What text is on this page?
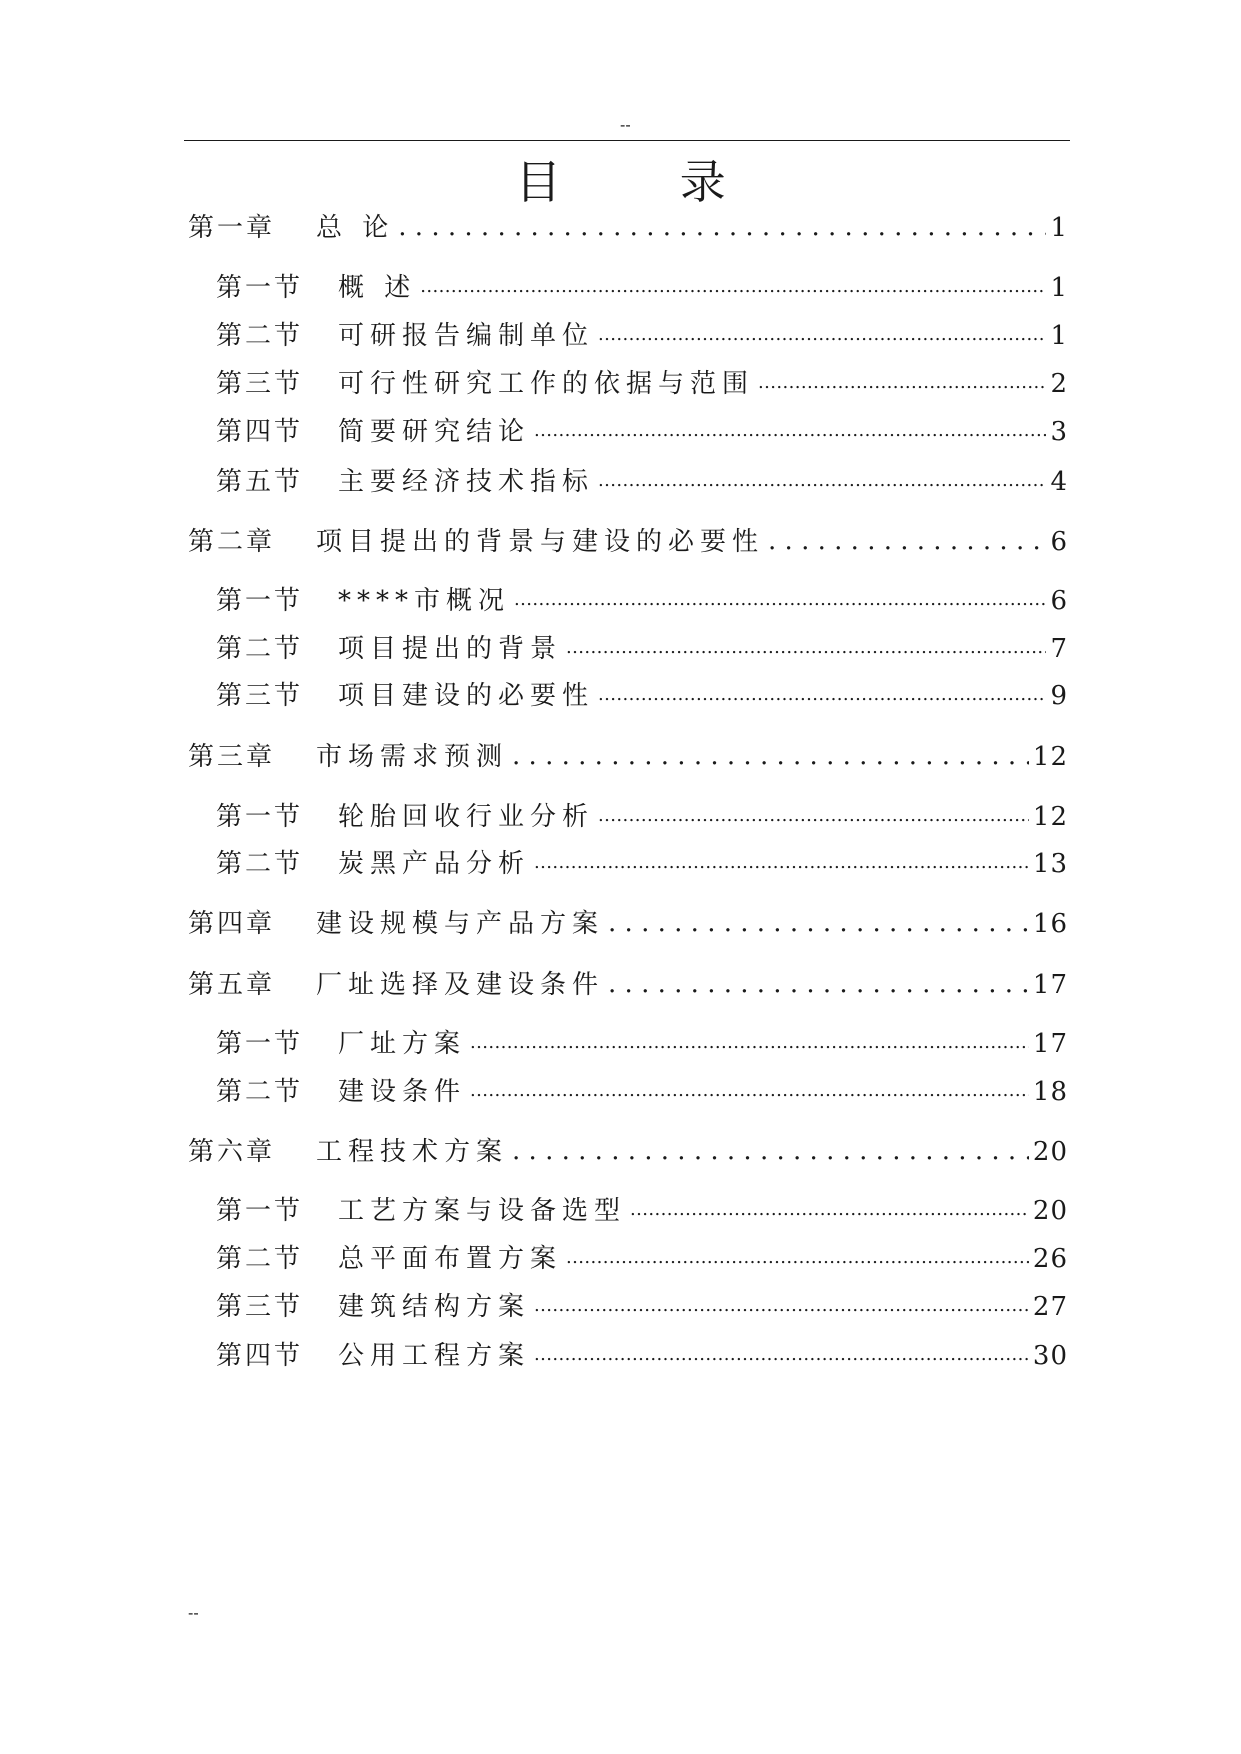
--
目 录
第一章	总 论 . . .	1
第一节	概 述 .....	1
第二节	可研报告编制单位 .....	1
第三节	可行性研究工作的依据与范围 .....	2
第四节	简要研究结论 .....	3
第五节	主要经济技术指标 .....	4
第二章	项目提出的背景与建设的必要性 . . .	6
第一节	****市概况 .....	6
第二节	项目提出的背景 .....	7
第三节	项目建设的必要性 .....	9
第三章	市场需求预测 . . .	12
第一节	轮胎回收行业分析 .....	12
第二节	炭黑产品分析 .....	13
第四章	建设规模与产品方案 . . .	16
第五章	厂址选择及建设条件 . . .	17
第一节	厂址方案 .....	17
第二节	建设条件 .....	18
第六章	工程技术方案 . . .	20
第一节	工艺方案与设备选型 .....	20
第二节	总平面布置方案 .....	26
第三节	建筑结构方案 .....	27
第四节	公用工程方案 .....	30
--
